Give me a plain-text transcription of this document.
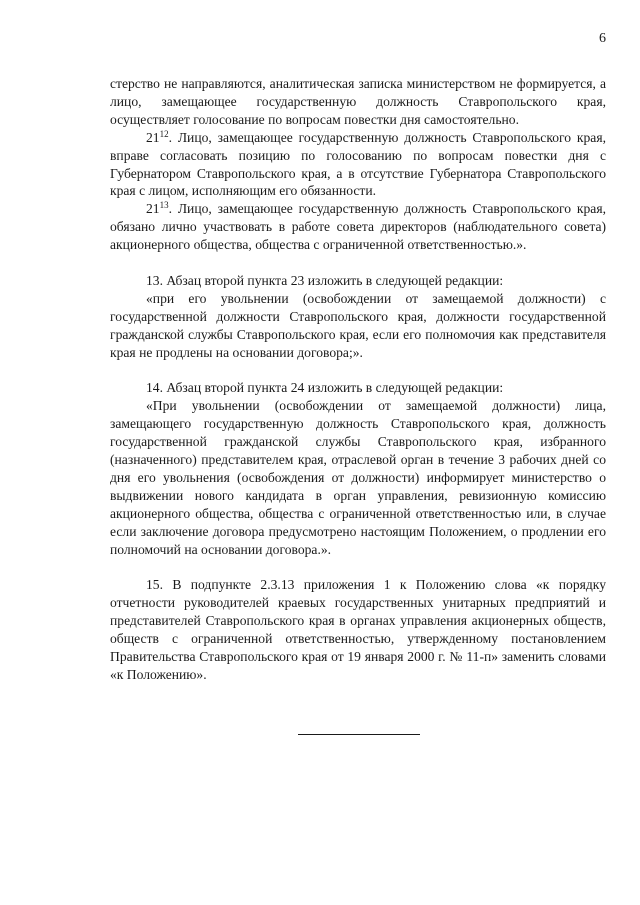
6

стерство не направляются, аналитическая записка министерством не формируется, а лицо, замещающее государственную должность Ставропольского края, осуществляет голосование по вопросам повестки дня самостоятельно.

$21^{12}$. Лицо, замещающее государственную должность Ставропольского края, вправе согласовать позицию по голосованию по вопросам повестки дня с Губернатором Ставропольского края, а в отсутствие Губернатора Ставропольского края с лицом, исполняющим его обязанности.

$21^{13}$. Лицо, замещающее государственную должность Ставропольского края, обязано лично участвовать в работе совета директоров (наблюдательного совета) акционерного общества, общества с ограниченной ответственностью.».

13. Абзац второй пункта 23 изложить в следующей редакции:

«при его увольнении (освобождении от замещаемой должности) с государственной должности Ставропольского края, должности государственной гражданской службы Ставропольского края, если его полномочия как представителя края не продлены на основании договора;».

14. Абзац второй пункта 24 изложить в следующей редакции:

«При увольнении (освобождении от замещаемой должности) лица, замещающего государственную должность Ставропольского края, должность государственной гражданской службы Ставропольского края, избранного (назначенного) представителем края, отраслевой орган в течение 3 рабочих дней со дня его увольнения (освобождения от должности) информирует министерство о выдвижении нового кандидата в орган управления, ревизионную комиссию акционерного общества, общества с ограниченной ответственностью или, в случае если заключение договора предусмотрено настоящим Положением, о продлении его полномочий на основании договора.».

15. В подпункте 2.3.13 приложения 1 к Положению слова «к порядку отчетности руководителей краевых государственных унитарных предприятий и представителей Ставропольского края в органах управления акционерных обществ, обществ с ограниченной ответственностью, утвержденному постановлением Правительства Ставропольского края от 19 января 2000 г. № 11-п» заменить словами «к Положению».
